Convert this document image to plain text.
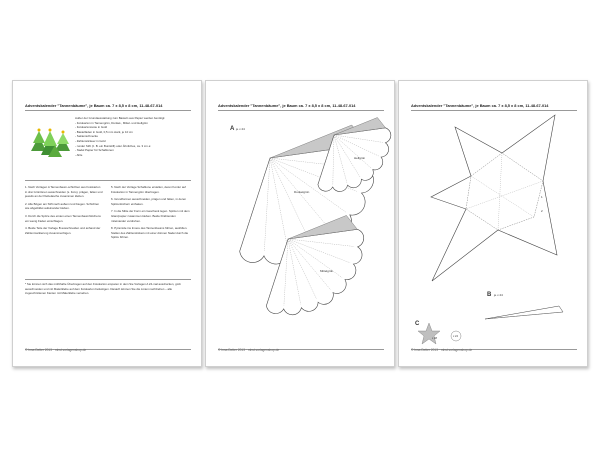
Adventskalender "Tannenbäume", je Baum ca. 7 x 8,5 x 8 cm, 11-48-67-014
Außer der Grundausstattung zum Basteln aus Papier werden benötigt:
- Fotokarton in Tannengrün, Dunkel-, Mittel- und Hellgrün
- Fotokartonreste in Gold
- Bastelfaden in Gold, 0,5 mm stark, je 10 cm
- Sektenschnecke
- Zahlenstickeer in Gold
- runder Stift (z. B. ein Buntstift) oder Ähnliches, ca. 3 cm ø
- Nadel Papier für Schablonen
- Ahle

1. Nach Vorlagen A Tannenbaum-schichten aus Fotokarton in drei Grüntönen ausschneiden (s. Foto), prägen, falten und jeweils an der Klebelasche zusammen kleben.

2. Alle Bögen am Stift nach außen rund biegen. Schichten wie abgebildet aufeinander kleben.

3. Durch die Spitze des ersten einen Tannenbaumhütchens ein wenig Faden einschlagen.

4. Beide Teile der Vorlage B ausschneiden und anhand der Zahlenmarkierung zusammenfügen.

5. Nach der Vorlage Schablone erstellen, deren Kontur auf Fotokarton in Tannengrün übertragen.

6. Grundformen ausschneiden, prägen und falten, in deren Spitzenlöchern einhaken.

7. In die Mitte der Form ein Geschenk legen. Spitzen mit dem Glanzpapier zusammen kleben. Beide Drahtenden miteinander verdrehen.

8. Pyramide ins Innere des Tannenbaums führen, ausfüllen. Stellen des Zahlenstickers mit einer dünnen Nadel durch die Spitze führen.

* Sie können sich das mühthafte Übertragen auf den Fotokarton ersparen in dem Sie Vorlagen A 24-mal ausdrucken, grob ausschneiden und mit Maleriklebe auf dem Fotokarton befestigen. Danach können Sie die Linien nachziehen – alle zugeschnittenen Kanten mit Malerklebe versehen.
© Inna Detter 2013 · mhst.vorlagenshop.de
Adventskalender "Tannenbäume", je Baum ca. 7 x 8,5 x 8 cm, 11-48-67-014
A je x 24
Dunkelgrün
Hellgrün
Mittelgrün
© Inna Detter 2013 · mhst.vorlagenshop.de
Adventskalender "Tannenbäume", je Baum ca. 7 x 8,5 x 8 cm, 11-48-67-014
1
2
B je x 24
C
x 48
x 24
© Inna Detter 2013 · mhst.vorlagenshop.de
